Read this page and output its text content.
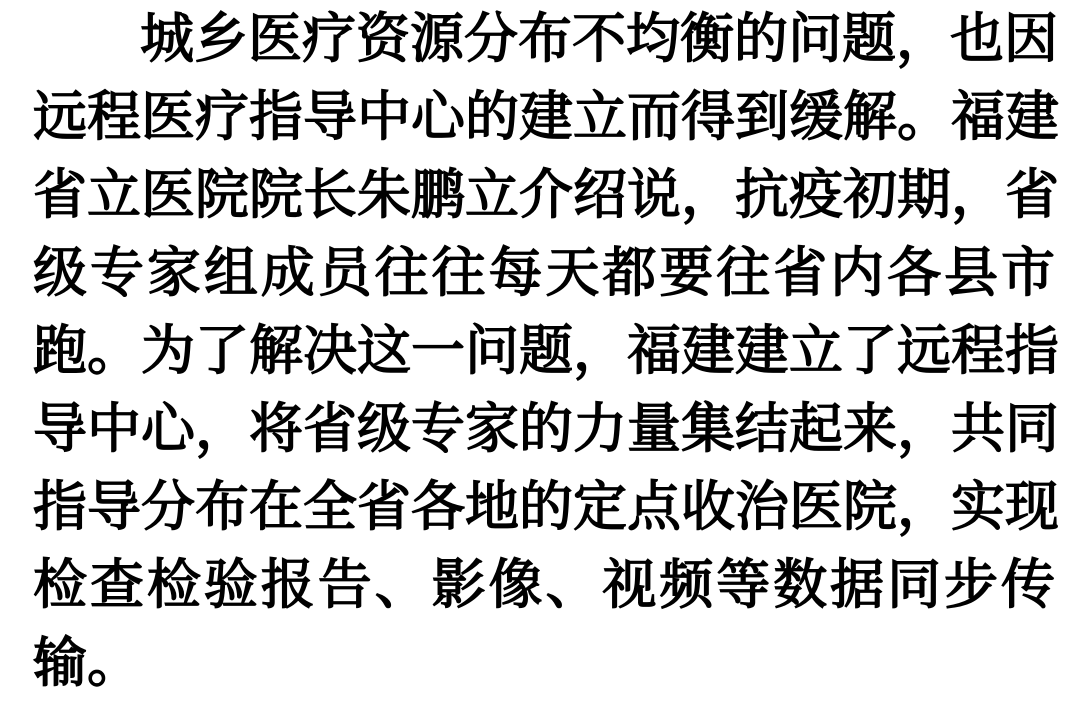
城乡医疗资源分布不均衡的问题，也因

远程医疗指导中心的建立而得到缓解。福建

省立医院院长朱鹏立介绍说，抗疫初期，省

级专家组成员往往每天都要往省内各县市

跑。为了解决这一问题，福建建立了远程指

导中心，将省级专家的力量集结起来，共同

指导分布在全省各地的定点收治医院，实现

检查检验报告、影像、视频等数据同步传

输。
